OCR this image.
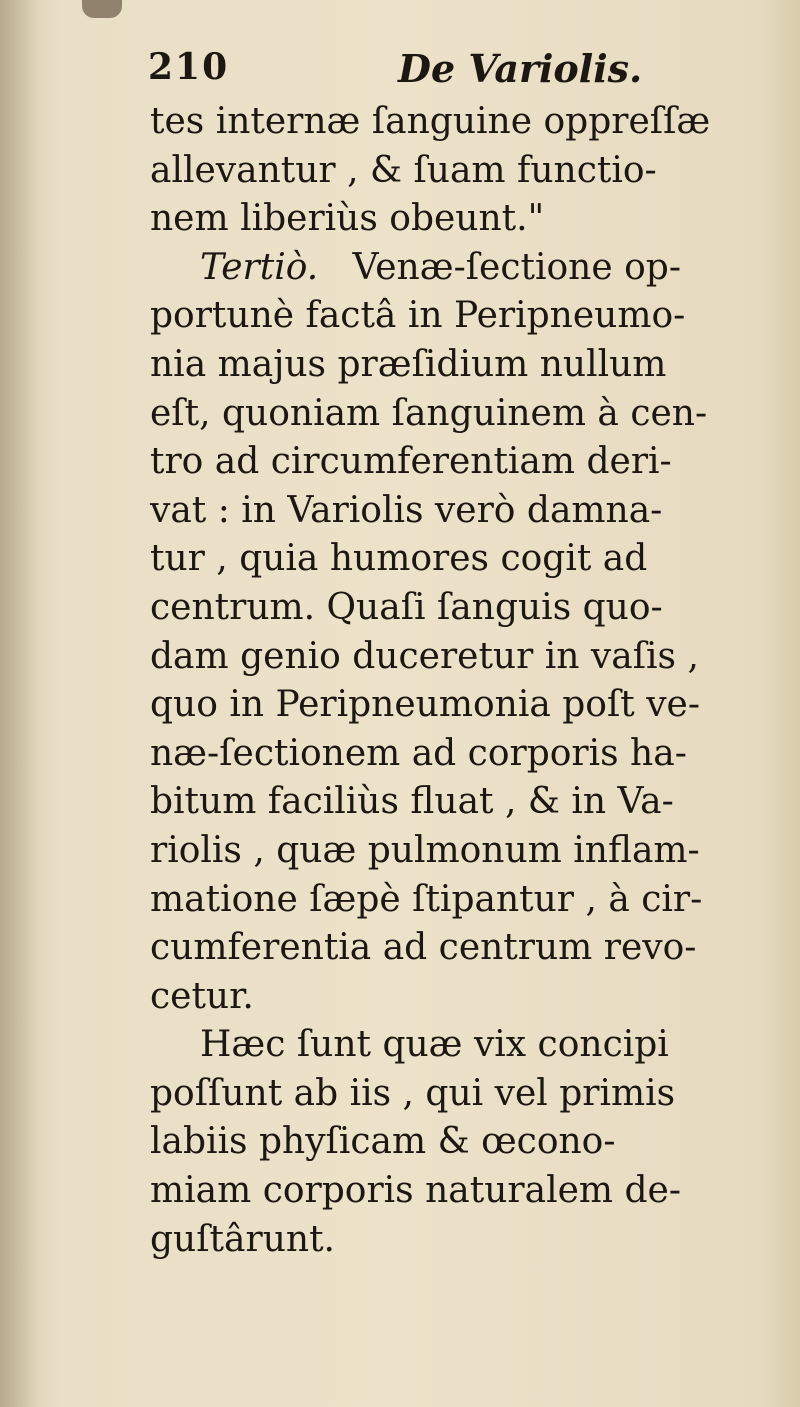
210	De Variolis.
tes internæ ſanguine oppreſſæ
allevantur , & ſuam functio-
nem liberiùs obeunt."
Tertiò. Venæ-ſectione op-
portunè factâ in Peripneumo-
nia majus præſidium nullum
eſt, quoniam ſanguinem à cen-
tro ad circumferentiam deri-
vat : in Variolis verò damna-
tur , quia humores cogit ad
centrum. Quaſi ſanguis quo-
dam genio duceretur in vaſis ,
quo in Peripneumonia poſt ve-
næ-ſectionem ad corporis ha-
bitum faciliùs fluat , & in Va-
riolis , quæ pulmonum inflam-
matione ſæpè ſtipantur , à cir-
cumferentia ad centrum revo-
cetur.
Hæc ſunt quæ vix concipi
poſſunt ab iis , qui vel primis
labiis phyſicam & œcono-
miam corporis naturalem de-
guſtârunt.
